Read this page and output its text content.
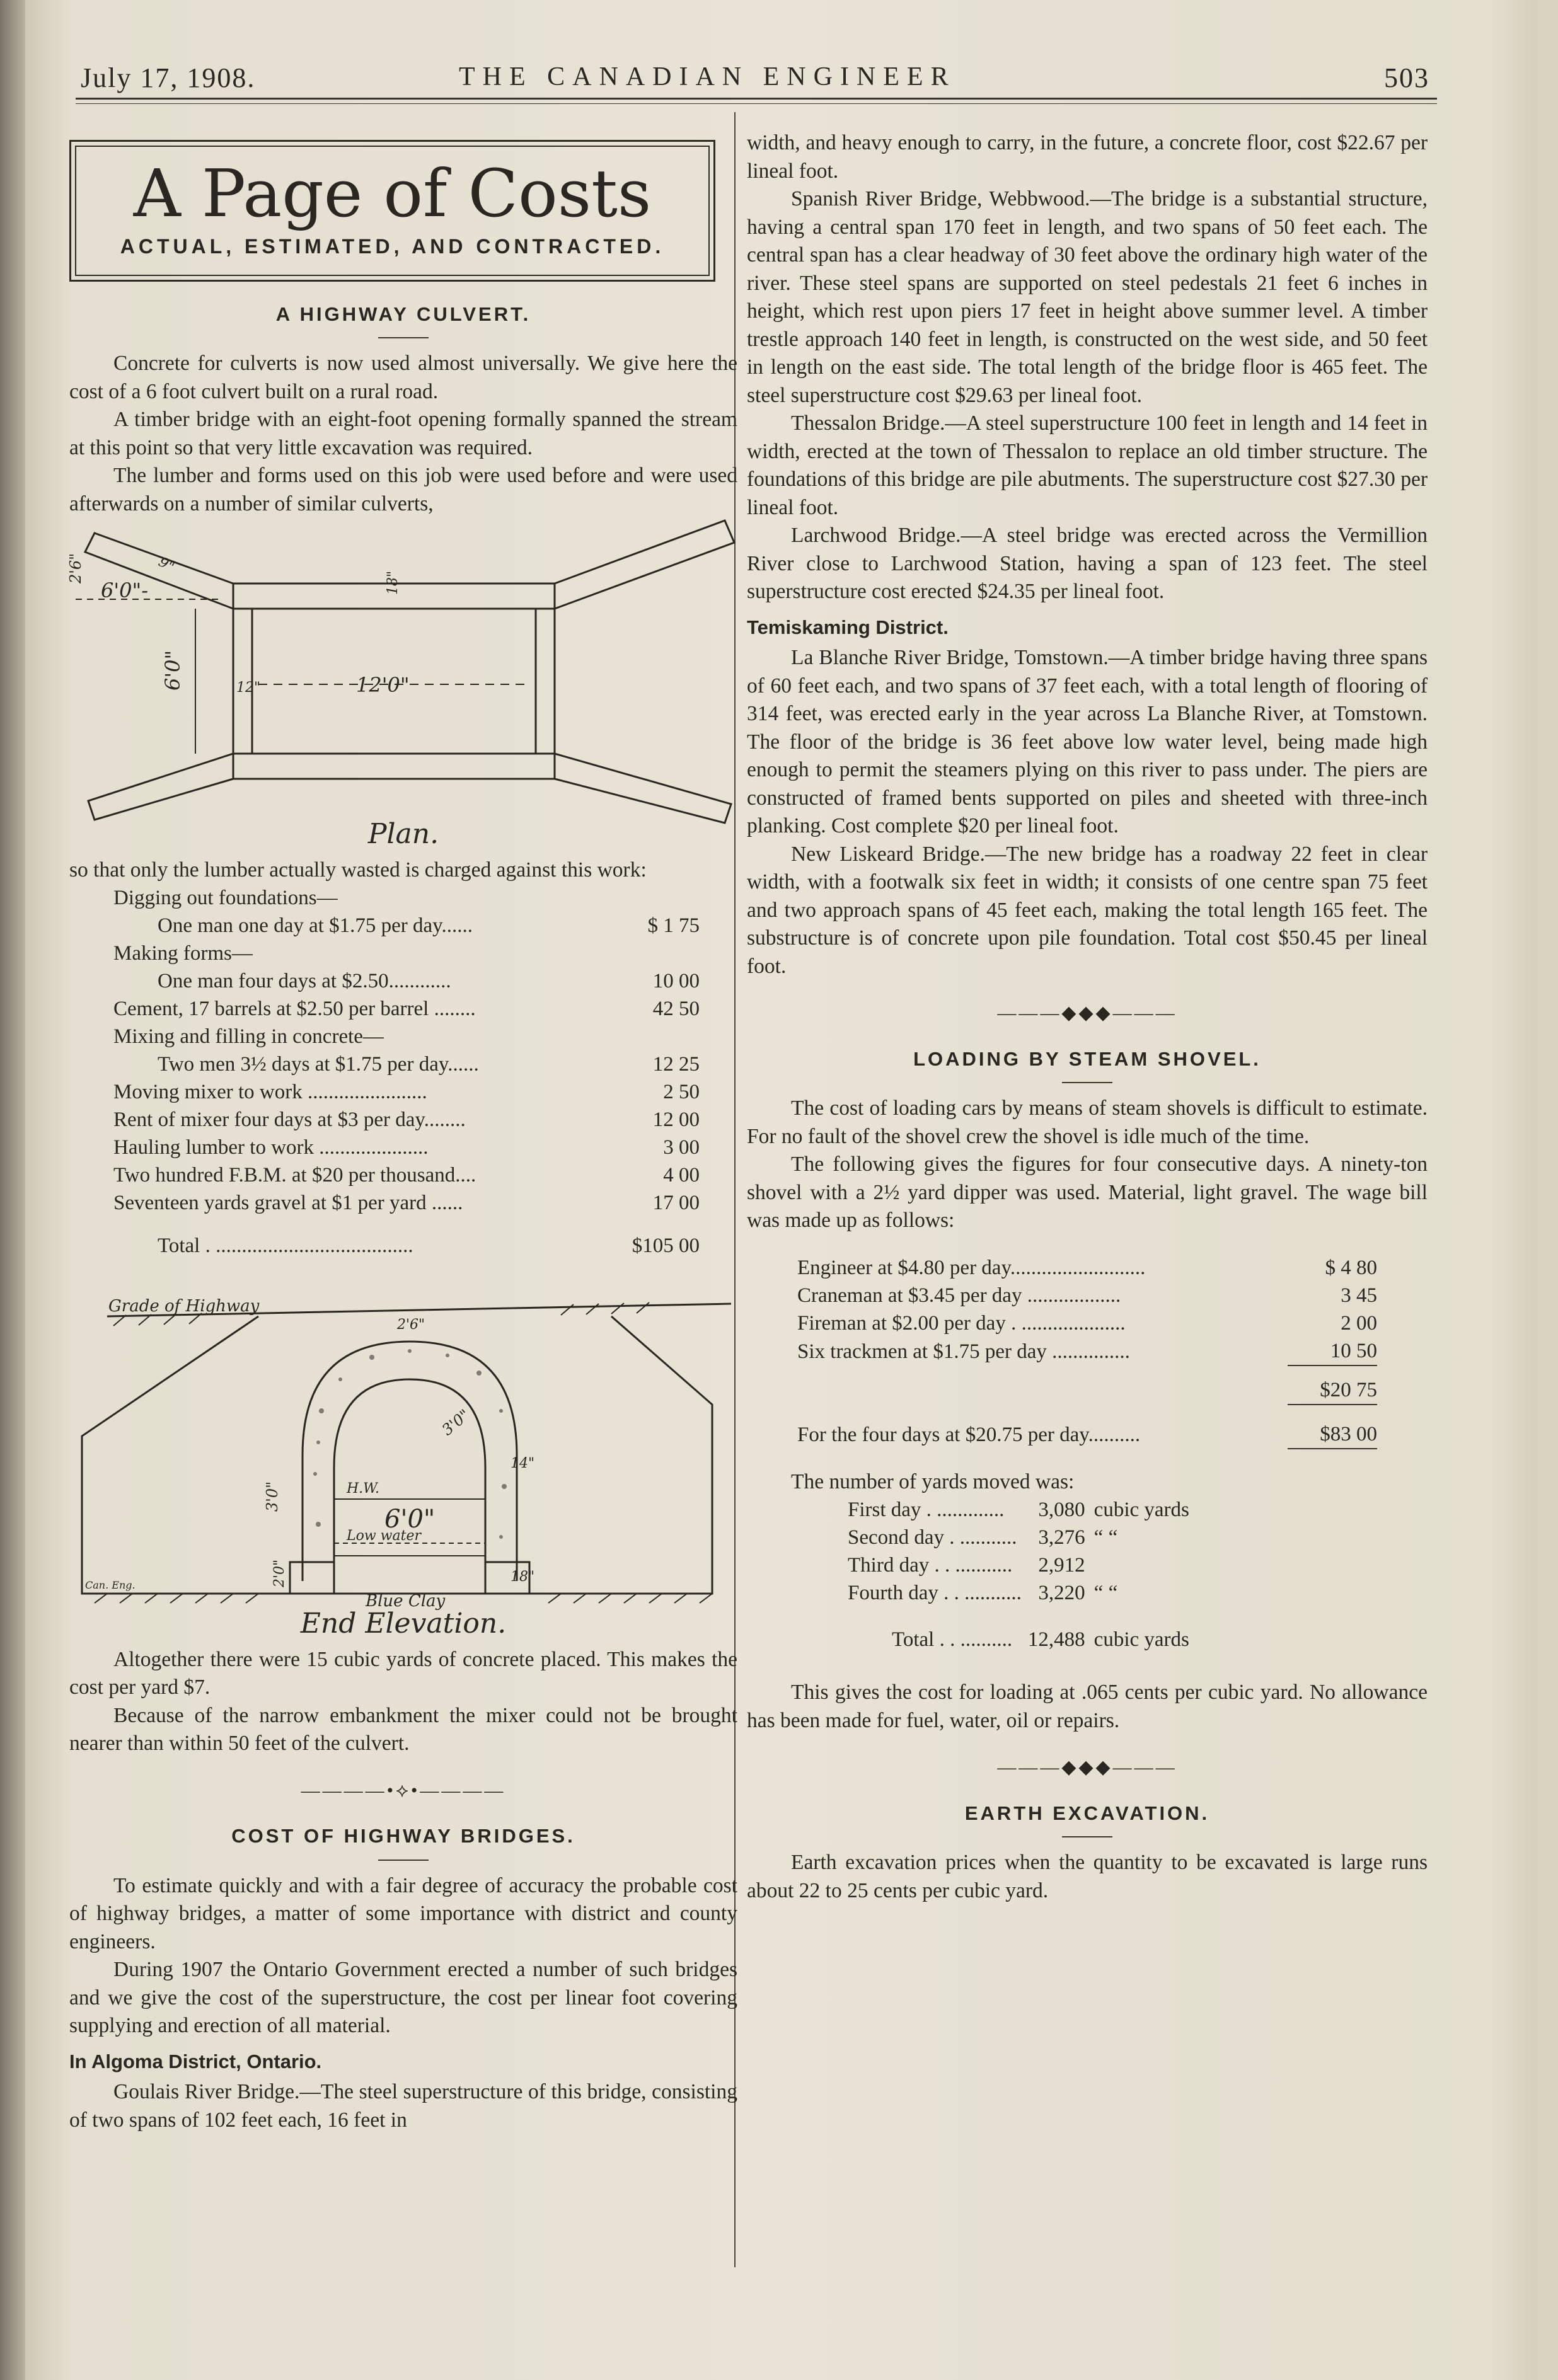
July 17, 1908.	THE CANADIAN ENGINEER	503
A Page of Costs
ACTUAL, ESTIMATED, AND CONTRACTED.
A HIGHWAY CULVERT.

Concrete for culverts is now used almost universally. We give here the cost of a 6 foot culvert built on a rural road.

A timber bridge with an eight-foot opening formally spanned the stream at this point so that very little excavation was required.

The lumber and forms used on this job were used before and were used afterwards on a number of similar culverts,

6'0"-
12'0"
6'0"	12"
18"
9"
2'6"
Plan.

so that only the lumber actually wasted is charged against this work:

Digging out foundations—	
One man one day at $1.75 per day......	$ 1 75
Making forms—	
One man four days at $2.50............	10 00
Cement, 17 barrels at $2.50 per barrel ........	42 50
Mixing and filling in concrete—	
Two men 3½ days at $1.75 per day......	12 25
Moving mixer to work .......................	2 50
Rent of mixer four days at $3 per day........	12 00
Hauling lumber to work .....................	3 00
Two hundred F.B.M. at $20 per thousand....	4 00
Seventeen yards gravel at $1 per yard ......	17 00

Total . ......................................	$105 00
Grade of Highway
6'0"
H.W.
Low water
Blue Clay
3'0"
3'0"
14"
18"
2'0"
2'6"
Can. Eng.
End Elevation.

Altogether there were 15 cubic yards of concrete placed. This makes the cost per yard $7.

Because of the narrow embankment the mixer could not be brought nearer than within 50 feet of the culvert.

————•⟡•————
COST OF HIGHWAY BRIDGES.

To estimate quickly and with a fair degree of accuracy the probable cost of highway bridges, a matter of some importance with district and county engineers.

During 1907 the Ontario Government erected a number of such bridges and we give the cost of the superstructure, the cost per linear foot covering supplying and erection of all material.

In Algoma District, Ontario.

Goulais River Bridge.—The steel superstructure of this bridge, consisting of two spans of 102 feet each, 16 feet in

width, and heavy enough to carry, in the future, a concrete floor, cost $22.67 per lineal foot.

Spanish River Bridge, Webbwood.—The bridge is a substantial structure, having a central span 170 feet in length, and two spans of 50 feet each. The central span has a clear headway of 30 feet above the ordinary high water of the river. These steel spans are supported on steel pedestals 21 feet 6 inches in height, which rest upon piers 17 feet in height above summer level. A timber trestle approach 140 feet in length, is constructed on the west side, and 50 feet in length on the east side. The total length of the bridge floor is 465 feet. The steel superstructure cost $29.63 per lineal foot.

Thessalon Bridge.—A steel superstructure 100 feet in length and 14 feet in width, erected at the town of Thessalon to replace an old timber structure. The foundations of this bridge are pile abutments. The superstructure cost $27.30 per lineal foot.

Larchwood Bridge.—A steel bridge was erected across the Vermillion River close to Larchwood Station, having a span of 123 feet. The steel superstructure cost erected $24.35 per lineal foot.

Temiskaming District.

La Blanche River Bridge, Tomstown.—A timber bridge having three spans of 60 feet each, and two spans of 37 feet each, with a total length of flooring of 314 feet, was erected early in the year across La Blanche River, at Tomstown. The floor of the bridge is 36 feet above low water level, being made high enough to permit the steamers plying on this river to pass under. The piers are constructed of framed bents supported on piles and sheeted with three-inch planking. Cost complete $20 per lineal foot.

New Liskeard Bridge.—The new bridge has a roadway 22 feet in clear width, with a footwalk six feet in width; it consists of one centre span 75 feet and two approach spans of 45 feet each, making the total length 165 feet. The substructure is of concrete upon pile foundation. Total cost $50.45 per lineal foot.

———◆◆◆———
LOADING BY STEAM SHOVEL.

The cost of loading cars by means of steam shovels is difficult to estimate. For no fault of the shovel crew the shovel is idle much of the time.

The following gives the figures for four consecutive days. A ninety-ton shovel with a 2½ yard dipper was used. Material, light gravel. The wage bill was made up as follows:

Engineer at $4.80 per day..........................	$ 4 80
Craneman at $3.45 per day ..................	3 45
Fireman at $2.00 per day . ....................	2 00
Six trackmen at $1.75 per day ...............	10 50

	$20 75

For the four days at $20.75 per day..........	$83 00

The number of yards moved was:

First day . .............	3,080	cubic yards
Second day . ...........	3,276	“ “
Third day . . ...........	2,912	
Fourth day . . ...........	3,220	“ “

Total . . ..........	12,488	cubic yards

This gives the cost for loading at .065 cents per cubic yard. No allowance has been made for fuel, water, oil or repairs.

———◆◆◆———
EARTH EXCAVATION.

Earth excavation prices when the quantity to be excavated is large runs about 22 to 25 cents per cubic yard.
